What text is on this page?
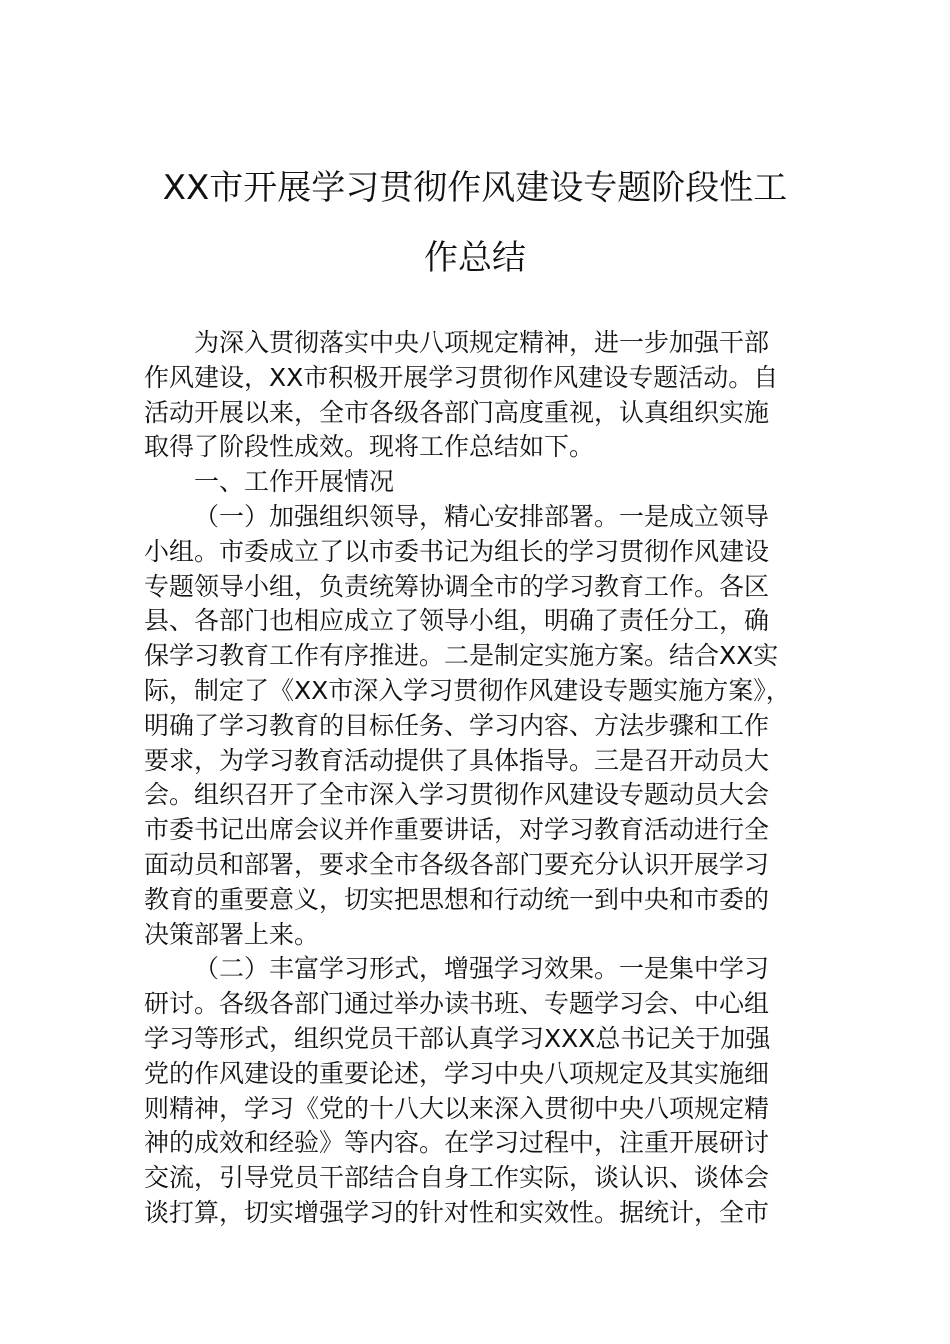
XX市开展学习贯彻作风建设专题阶段性工
作总结
为深入贯彻落实中央八项规定精神，进一步加强干部
作风建设，XX市积极开展学习贯彻作风建设专题活动。自
活动开展以来，全市各级各部门高度重视，认真组织实施
取得了阶段性成效。现将工作总结如下。
一、工作开展情况
（一）加强组织领导，精心安排部署。一是成立领导
小组。市委成立了以市委书记为组长的学习贯彻作风建设
专题领导小组，负责统筹协调全市的学习教育工作。各区
县、各部门也相应成立了领导小组，明确了责任分工，确
保学习教育工作有序推进。二是制定实施方案。结合XX实
际，制定了《XX市深入学习贯彻作风建设专题实施方案》，
明确了学习教育的目标任务、学习内容、方法步骤和工作
要求，为学习教育活动提供了具体指导。三是召开动员大
会。组织召开了全市深入学习贯彻作风建设专题动员大会
市委书记出席会议并作重要讲话，对学习教育活动进行全
面动员和部署，要求全市各级各部门要充分认识开展学习
教育的重要意义，切实把思想和行动统一到中央和市委的
决策部署上来。
（二）丰富学习形式，增强学习效果。一是集中学习
研讨。各级各部门通过举办读书班、专题学习会、中心组
学习等形式，组织党员干部认真学习XXX总书记关于加强
党的作风建设的重要论述，学习中央八项规定及其实施细
则精神，学习《党的十八大以来深入贯彻中央八项规定精
神的成效和经验》等内容。在学习过程中，注重开展研讨
交流，引导党员干部结合自身工作实际，谈认识、谈体会
谈打算，切实增强学习的针对性和实效性。据统计，全市
